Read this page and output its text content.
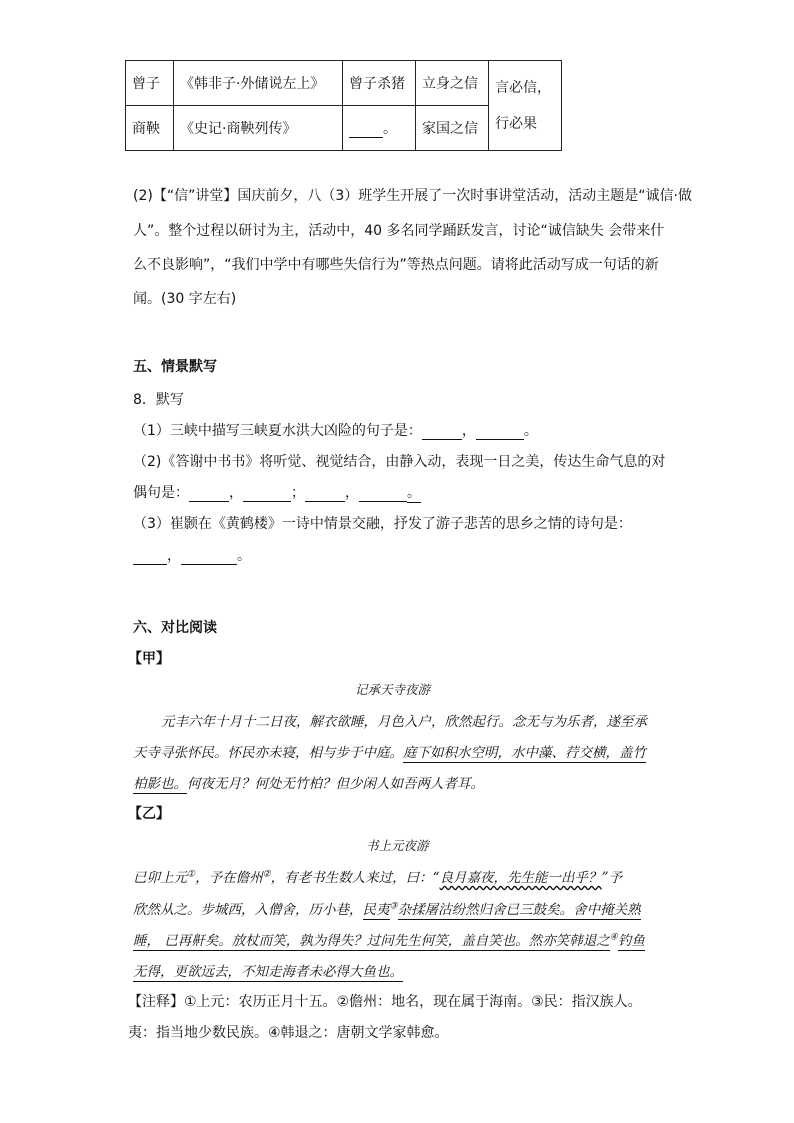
曾子	《韩非子·外储说左上》	曾子杀猪	立身之信	言必信，
行必果

商鞅	《史记·商鞅列传》	。	家国之信	
(2)【“信”讲堂】国庆前夕，八（3）班学生开展了一次时事讲堂活动，活动主题是“诚信·做
人”。整个过程以研讨为主，活动中，40 多名同学踊跃发言，讨论“诚信缺失 会带来什
么不良影响”，“我们中学中有哪些失信行为”等热点问题。请将此活动写成一句话的新
闻。(30 字左右)
五、情景默写
8．默写
（1）三峡中描写三峡夏水洪大凶险的句子是：	，	。
（2)《答谢中书书》将听觉、视觉结合，由静入动，表现一日之美，传达生命气息的对
偶句是：	，	；	，	。
（3）崔颢在《黄鹤楼》一诗中情景交融，抒发了游子悲苦的思乡之情的诗句是：
，	。
六、对比阅读
【甲】
记承天寺夜游
元丰六年十月十二日夜，解衣欲睡，月色入户，欣然起行。念无与为乐者，遂至承
天寺寻张怀民。怀民亦未寝，相与步于中庭。庭下如积水空明，水中藻、荇交横，盖竹
柏影也。何夜无月？何处无竹柏？但少闲人如吾两人者耳。
【乙】
书上元夜游
已卯上元①，予在儋州②，有老书生数人来过，曰：“良月嘉夜，先生能一出乎？”予
欣然从之。步城西，入僧舍，历小巷，民夷③杂揉屠沽纷然归舍已三鼓矣。舍中掩关熟
睡， 已再鼾矣。放杖而笑，孰为得失？过问先生何笑，盖自笑也。然亦笑韩退之④钓鱼
无得，更欲远去，不知走海者未必得大鱼也。
【注释】①上元：农历正月十五。②儋州：地名，现在属于海南。③民：指汉族人。
夷：指当地少数民族。④韩退之：唐朝文学家韩愈。
